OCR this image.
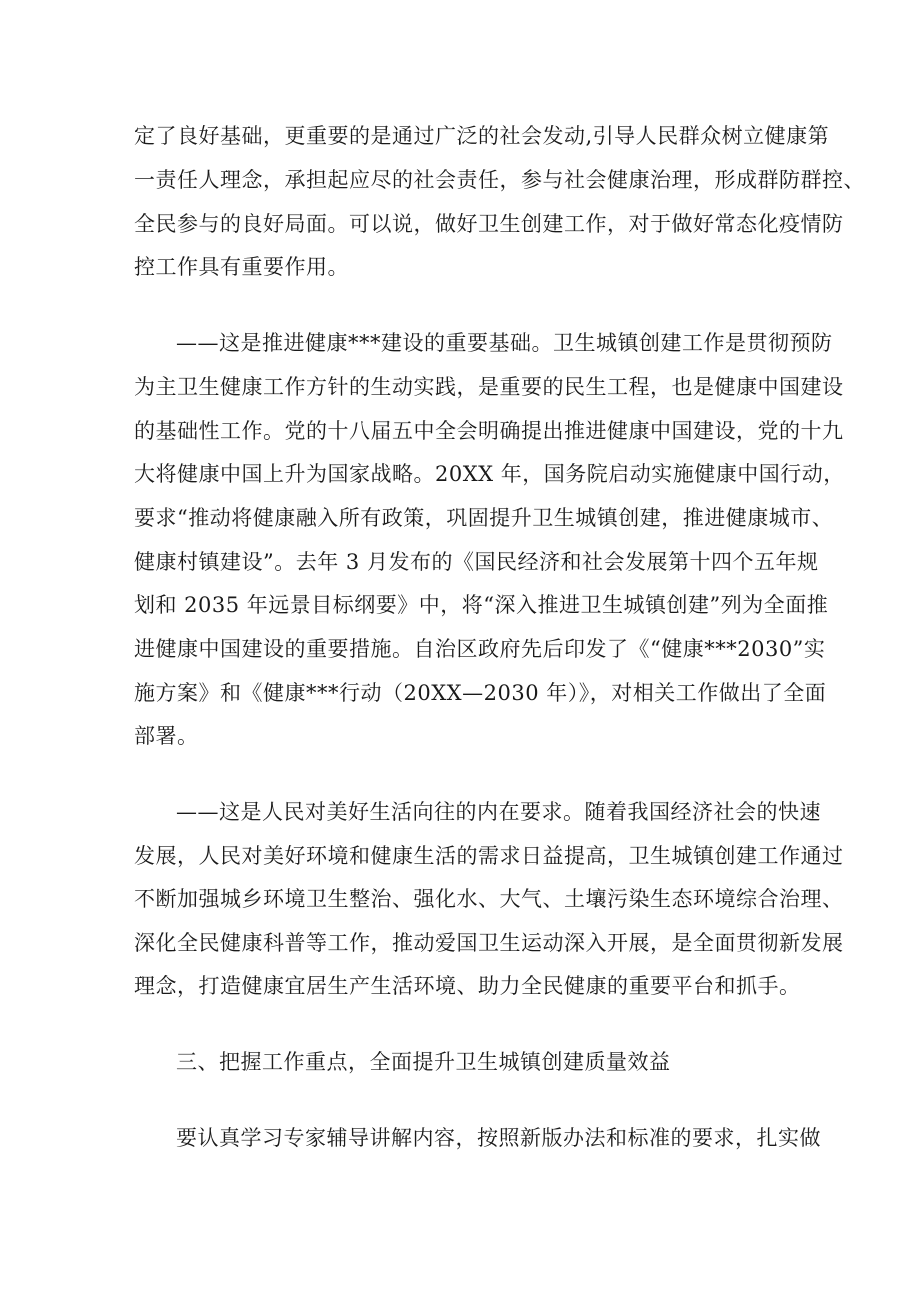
定了良好基础，更重要的是通过广泛的社会发动,引导人民群众树立健康第
一责任人理念，承担起应尽的社会责任，参与社会健康治理，形成群防群控、
全民参与的良好局面。可以说，做好卫生创建工作，对于做好常态化疫情防
控工作具有重要作用。
——这是推进健康***建设的重要基础。卫生城镇创建工作是贯彻预防
为主卫生健康工作方针的生动实践，是重要的民生工程，也是健康中国建设
的基础性工作。党的十八届五中全会明确提出推进健康中国建设，党的十九
大将健康中国上升为国家战略。20XX 年，国务院启动实施健康中国行动，
要求“推动将健康融入所有政策，巩固提升卫生城镇创建，推进健康城市、
健康村镇建设”。去年 3 月发布的《国民经济和社会发展第十四个五年规
划和 2035 年远景目标纲要》中，将“深入推进卫生城镇创建”列为全面推
进健康中国建设的重要措施。自治区政府先后印发了《“健康***2030”实
施方案》和《健康***行动（20XX—2030 年）》，对相关工作做出了全面
部署。
——这是人民对美好生活向往的内在要求。随着我国经济社会的快速
发展，人民对美好环境和健康生活的需求日益提高，卫生城镇创建工作通过
不断加强城乡环境卫生整治、强化水、大气、土壤污染生态环境综合治理、
深化全民健康科普等工作，推动爱国卫生运动深入开展，是全面贯彻新发展
理念，打造健康宜居生产生活环境、助力全民健康的重要平台和抓手。
三、把握工作重点，全面提升卫生城镇创建质量效益
要认真学习专家辅导讲解内容，按照新版办法和标准的要求，扎实做
